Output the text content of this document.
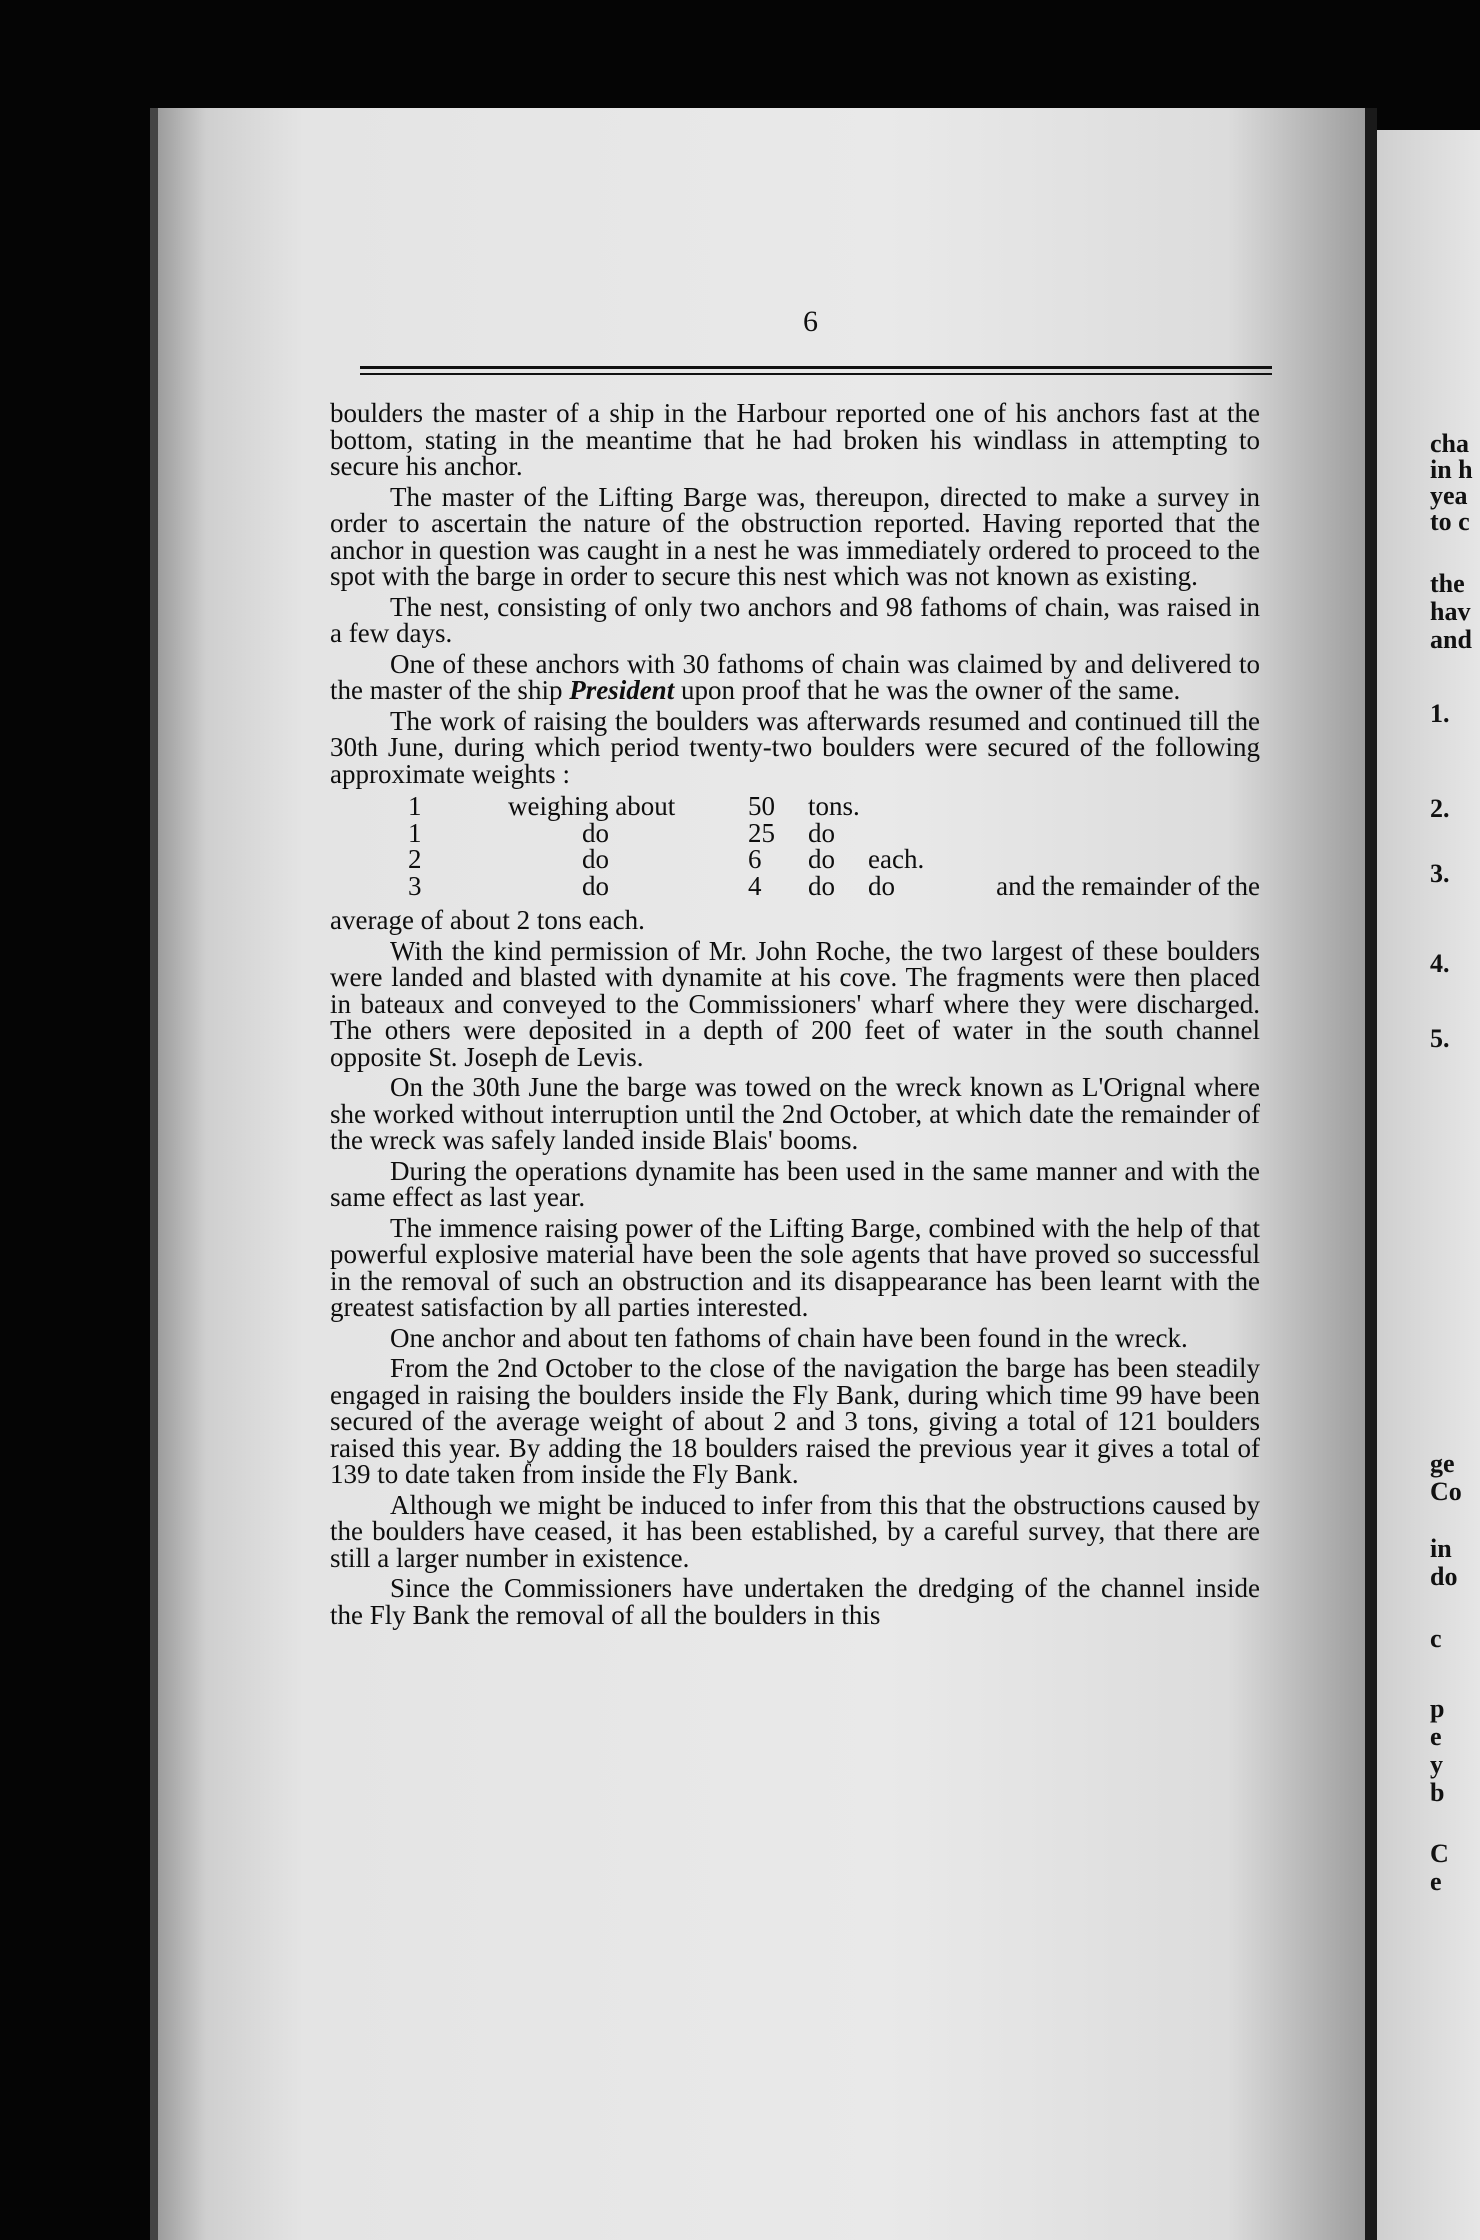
6

boulders the master of a ship in the Harbour reported one of his anchors fast at the bottom, stating in the meantime that he had broken his windlass in attempting to secure his anchor.

The master of the Lifting Barge was, thereupon, directed to make a survey in order to ascertain the nature of the obstruction reported. Having reported that the anchor in question was caught in a nest he was immediately ordered to proceed to the spot with the barge in order to secure this nest which was not known as existing.

The nest, consisting of only two anchors and 98 fathoms of chain, was raised in a few days.

One of these anchors with 30 fathoms of chain was claimed by and delivered to the master of the ship President upon proof that he was the owner of the same.

The work of raising the boulders was afterwards resumed and continued till the 30th June, during which period twenty-two boulders were secured of the following approximate weights :

1	weighing about	50	tons.
1	do	25	do
2	do	6	do	each.
3	do	4	do	do	and the remainder of the

average of about 2 tons each.

With the kind permission of Mr. John Roche, the two largest of these boulders were landed and blasted with dynamite at his cove. The fragments were then placed in bateaux and conveyed to the Commissioners' wharf where they were discharged. The others were deposited in a depth of 200 feet of water in the south channel opposite St. Joseph de Levis.

On the 30th June the barge was towed on the wreck known as L'Orignal where she worked without interruption until the 2nd October, at which date the remainder of the wreck was safely landed inside Blais' booms.

During the operations dynamite has been used in the same manner and with the same effect as last year.

The immence raising power of the Lifting Barge, combined with the help of that powerful explosive material have been the sole agents that have proved so successful in the removal of such an obstruction and its disappearance has been learnt with the greatest satisfaction by all parties interested.

One anchor and about ten fathoms of chain have been found in the wreck.

From the 2nd October to the close of the navigation the barge has been steadily engaged in raising the boulders inside the Fly Bank, during which time 99 have been secured of the average weight of about 2 and 3 tons, giving a total of 121 boulders raised this year. By adding the 18 boulders raised the previous year it gives a total of 139 to date taken from inside the Fly Bank.

Although we might be induced to infer from this that the obstructions caused by the boulders have ceased, it has been established, by a careful survey, that there are still a larger number in existence.

Since the Commissioners have undertaken the dredging of the channel inside the Fly Bank the removal of all the boulders in this

cha
in h
yea
to c
the
hav
and
1.
2.
3.
4.
5.
ge
Co
in
do
c
p
e
y
b
C
e
